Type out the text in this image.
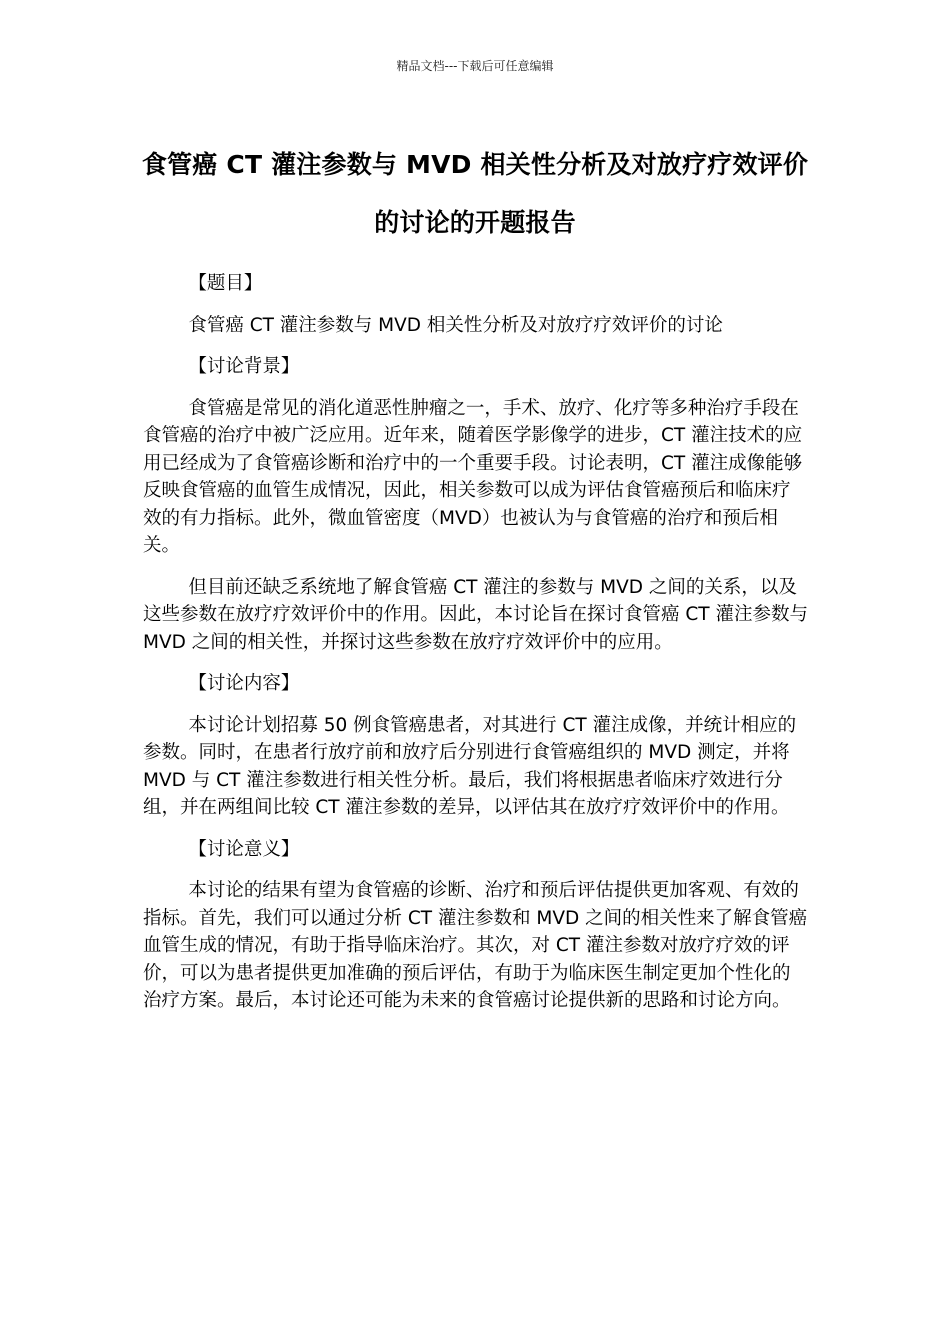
精品文档---下载后可任意编辑
食管癌 CT 灌注参数与 MVD 相关性分析及对放疗疗效评价的讨论的开题报告

【题目】

食管癌 CT 灌注参数与 MVD 相关性分析及对放疗疗效评价的讨论

【讨论背景】

食管癌是常见的消化道恶性肿瘤之一，手术、放疗、化疗等多种治疗手段在食管癌的治疗中被广泛应用。近年来，随着医学影像学的进步，CT 灌注技术的应用已经成为了食管癌诊断和治疗中的一个重要手段。讨论表明，CT 灌注成像能够反映食管癌的血管生成情况，因此，相关参数可以成为评估食管癌预后和临床疗效的有力指标。此外，微血管密度（MVD）也被认为与食管癌的治疗和预后相关。

但目前还缺乏系统地了解食管癌 CT 灌注的参数与 MVD 之间的关系，以及这些参数在放疗疗效评价中的作用。因此，本讨论旨在探讨食管癌 CT 灌注参数与 MVD 之间的相关性，并探讨这些参数在放疗疗效评价中的应用。

【讨论内容】

本讨论计划招募 50 例食管癌患者，对其进行 CT 灌注成像，并统计相应的参数。同时，在患者行放疗前和放疗后分别进行食管癌组织的 MVD 测定，并将 MVD 与 CT 灌注参数进行相关性分析。最后，我们将根据患者临床疗效进行分组，并在两组间比较 CT 灌注参数的差异，以评估其在放疗疗效评价中的作用。

【讨论意义】

本讨论的结果有望为食管癌的诊断、治疗和预后评估提供更加客观、有效的指标。首先，我们可以通过分析 CT 灌注参数和 MVD 之间的相关性来了解食管癌血管生成的情况，有助于指导临床治疗。其次，对 CT 灌注参数对放疗疗效的评价，可以为患者提供更加准确的预后评估，有助于为临床医生制定更加个性化的治疗方案。最后，本讨论还可能为未来的食管癌讨论提供新的思路和讨论方向。
